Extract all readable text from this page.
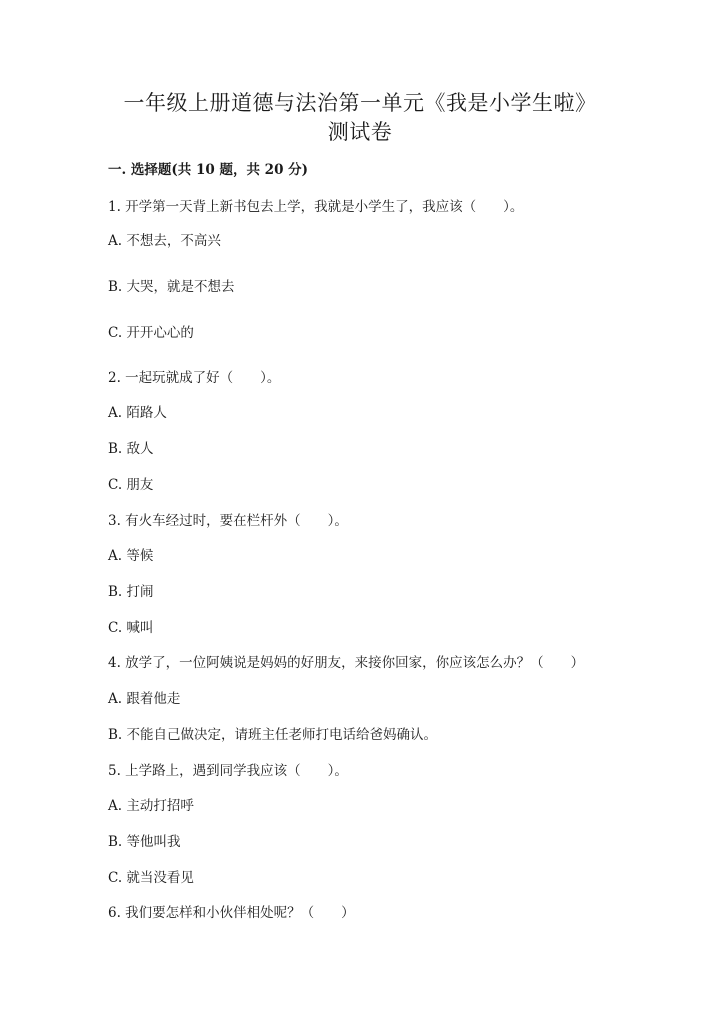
一年级上册道德与法治第一单元《我是小学生啦》
测试卷
一. 选择题(共 10 题，共 20 分)
1. 开学第一天背上新书包去上学，我就是小学生了，我应该（　　）。
A. 不想去，不高兴
B. 大哭，就是不想去
C. 开开心心的
2. 一起玩就成了好（　　）。
A. 陌路人
B. 敌人
C. 朋友
3. 有火车经过时，要在栏杆外（　　）。
A. 等候
B. 打闹
C. 喊叫
4. 放学了，一位阿姨说是妈妈的好朋友，来接你回家，你应该怎么办？（　　）
A. 跟着他走
B. 不能自己做决定，请班主任老师打电话给爸妈确认。
5. 上学路上，遇到同学我应该（　　）。
A. 主动打招呼
B. 等他叫我
C. 就当没看见
6. 我们要怎样和小伙伴相处呢？（　　）
